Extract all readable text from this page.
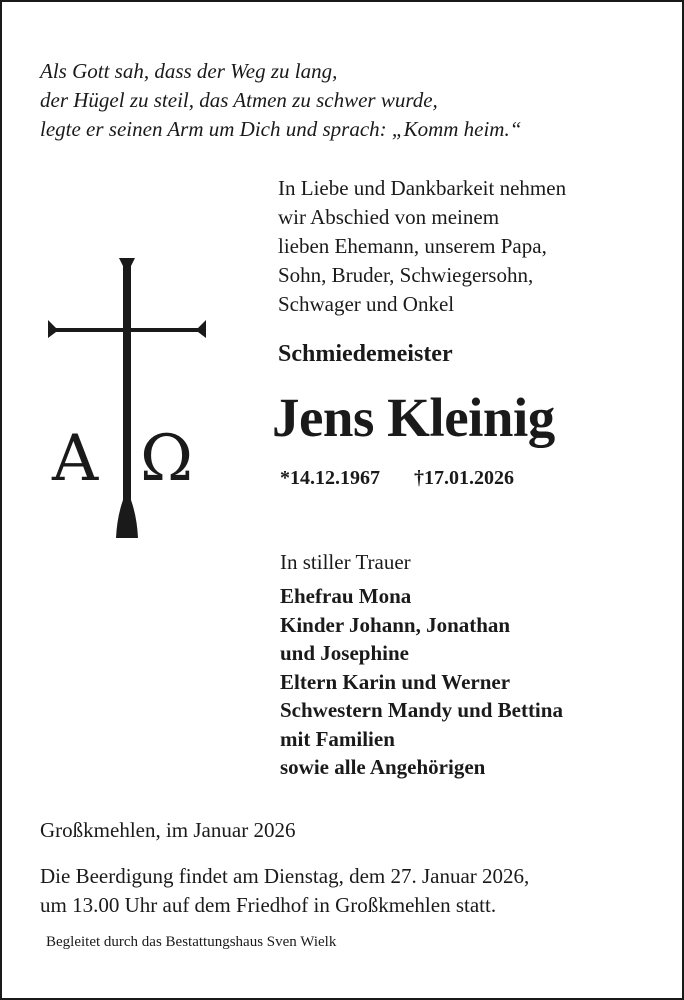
Als Gott sah, dass der Weg zu lang,
der Hügel zu steil, das Atmen zu schwer wurde,
legte er seinen Arm um Dich und sprach: „Komm heim.“
In Liebe und Dankbarkeit nehmen
wir Abschied von meinem
lieben Ehemann, unserem Papa,
Sohn, Bruder, Schwiegersohn,
Schwager und Onkel
A Ω
Schmiedemeister
Jens Kleinig
*14.12.1967 †17.01.2026
In stiller Trauer
Ehefrau Mona
Kinder Johann, Jonathan
und Josephine
Eltern Karin und Werner
Schwestern Mandy und Bettina
mit Familien
sowie alle Angehörigen
Großkmehlen, im Januar 2026
Die Beerdigung findet am Dienstag, dem 27. Januar 2026,
um 13.00 Uhr auf dem Friedhof in Großkmehlen statt.
Begleitet durch das Bestattungshaus Sven Wielk
